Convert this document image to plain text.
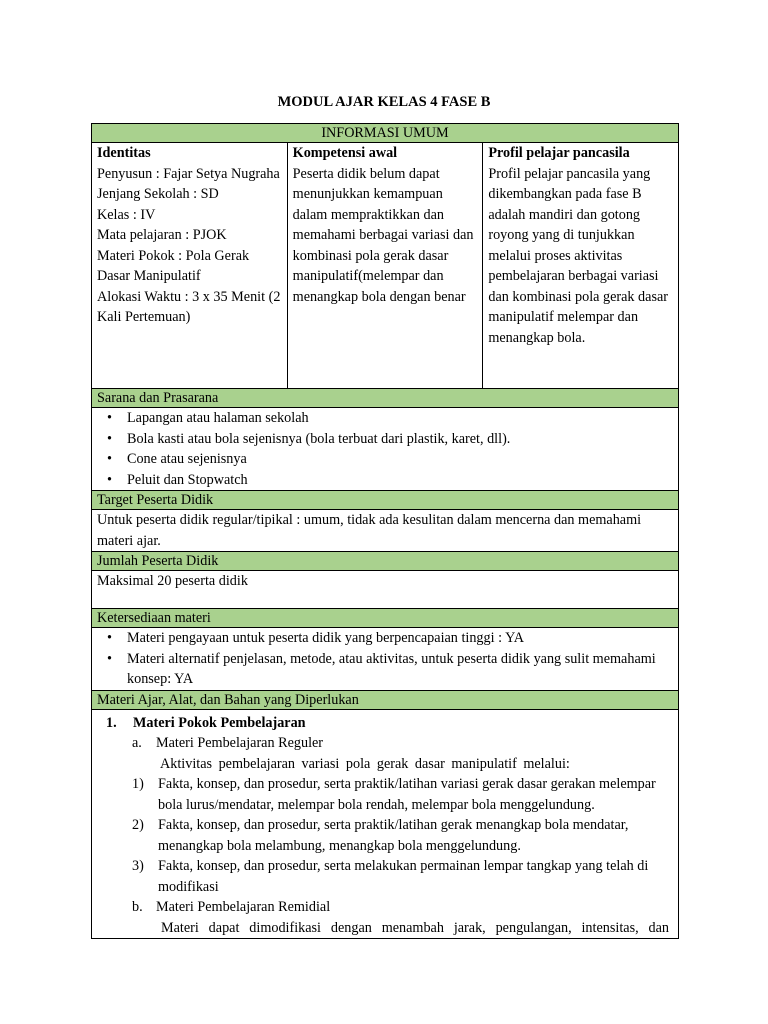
MODUL AJAR KELAS 4 FASE B
INFORMASI UMUM
Identitas
Penyusun : Fajar Setya Nugraha
Jenjang Sekolah : SD
Kelas : IV
Mata pelajaran : PJOK
Materi Pokok : Pola Gerak Dasar Manipulatif
Alokasi Waktu : 3 x 35 Menit (2 Kali Pertemuan)
Kompetensi awal
Peserta didik belum dapat menunjukkan kemampuan dalam mempraktikkan dan memahami berbagai variasi dan kombinasi pola gerak dasar manipulatif(melempar dan menangkap bola dengan benar
Profil pelajar pancasila
Profil pelajar pancasila yang dikembangkan pada fase B adalah mandiri dan gotong royong yang di tunjukkan melalui proses aktivitas pembelajaran berbagai variasi dan kombinasi pola gerak dasar manipulatif melempar dan menangkap bola.
Sarana dan Prasarana
• Lapangan atau halaman sekolah
• Bola kasti atau bola sejenisnya (bola terbuat dari plastik, karet, dll).
• Cone atau sejenisnya
• Peluit dan Stopwatch
Target Peserta Didik
Untuk peserta didik regular/tipikal : umum, tidak ada kesulitan dalam mencerna dan memahami materi ajar.
Jumlah Peserta Didik
Maksimal 20 peserta didik
Ketersediaan materi
• Materi pengayaan untuk peserta didik yang berpencapaian tinggi : YA
• Materi alternatif penjelasan, metode, atau aktivitas, untuk peserta didik yang sulit memahami konsep: YA
Materi Ajar, Alat, dan Bahan yang Diperlukan
1. Materi Pokok Pembelajaran
a. Materi Pembelajaran Reguler
Aktivitas pembelajaran variasi pola gerak dasar manipulatif melalui:
1) Fakta, konsep, dan prosedur, serta praktik/latihan variasi gerak dasar gerakan melempar bola lurus/mendatar, melempar bola rendah, melempar bola menggelundung.
2) Fakta, konsep, dan prosedur, serta praktik/latihan gerak menangkap bola mendatar, menangkap bola melambung, menangkap bola menggelundung.
3) Fakta, konsep, dan prosedur, serta melakukan permainan lempar tangkap yang telah di modifikasi
b. Materi Pembelajaran Remidial
Materi dapat dimodifikasi dengan menambah jarak, pengulangan, intensitas, dan
